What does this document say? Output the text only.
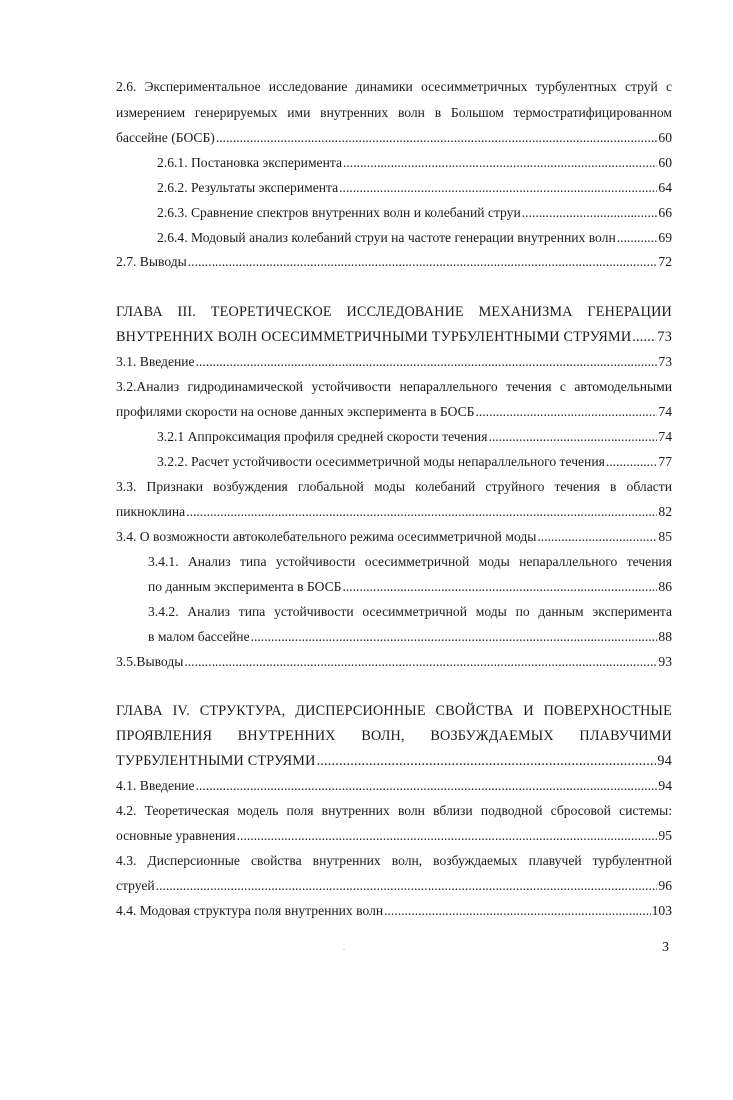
2.6. Экспериментальное исследование динамики осесимметричных турбулентных струй с
измерением генерируемых ими внутренних волн в Большом термостратифицированном
бассейне (БОСБ) .....	60
2.6.1. Постановка эксперимента .....	60
2.6.2. Результаты эксперимента .....	64
2.6.3. Сравнение спектров внутренних волн и колебаний струи .....	66
2.6.4. Модовый анализ колебаний струи на частоте генерации внутренних волн .....	69
2.7. Выводы .....	72
ГЛАВА III. ТЕОРЕТИЧЕСКОЕ ИССЛЕДОВАНИЕ МЕХАНИЗМА ГЕНЕРАЦИИ
ВНУТРЕННИХ ВОЛН ОСЕСИММЕТРИЧНЫМИ ТУРБУЛЕНТНЫМИ СТРУЯМИ ..... 73
3.1. Введение .....	73
3.2.Анализ гидродинамической устойчивости непараллельного течения с автомодельными
профилями скорости на основе данных эксперимента в БОСБ .....	74
3.2.1 Аппроксимация профиля средней скорости течения .....	74
3.2.2. Расчет устойчивости осесимметричной моды непараллельного течения .....	77
3.3. Признаки возбуждения глобальной моды колебаний струйного течения в области
пикноклина .....	82
3.4. О возможности автоколебательного режима осесимметричной моды .....	85
3.4.1. Анализ типа устойчивости осесимметричной моды непараллельного течения
по данным эксперимента в БОСБ .....	86
3.4.2. Анализ типа устойчивости осесимметричной моды по данным эксперимента
в малом бассейне .....	88
3.5.Выводы .....	93
ГЛАВА IV. СТРУКТУРА, ДИСПЕРСИОННЫЕ СВОЙСТВА И ПОВЕРХНОСТНЫЕ
ПРОЯВЛЕНИЯ ВНУТРЕННИХ ВОЛН, ВОЗБУЖДАЕМЫХ ПЛАВУЧИМИ
ТУРБУЛЕНТНЫМИ СТРУЯМИ .....	94
4.1. Введение .....	94
4.2. Теоретическая модель поля внутренних волн вблизи подводной сбросовой системы:
основные уравнения .....	95
4.3. Дисперсионные свойства внутренних волн, возбуждаемых плавучей турбулентной
струей .....	96
4.4. Модовая структура поля внутренних волн .....	103
.	3
